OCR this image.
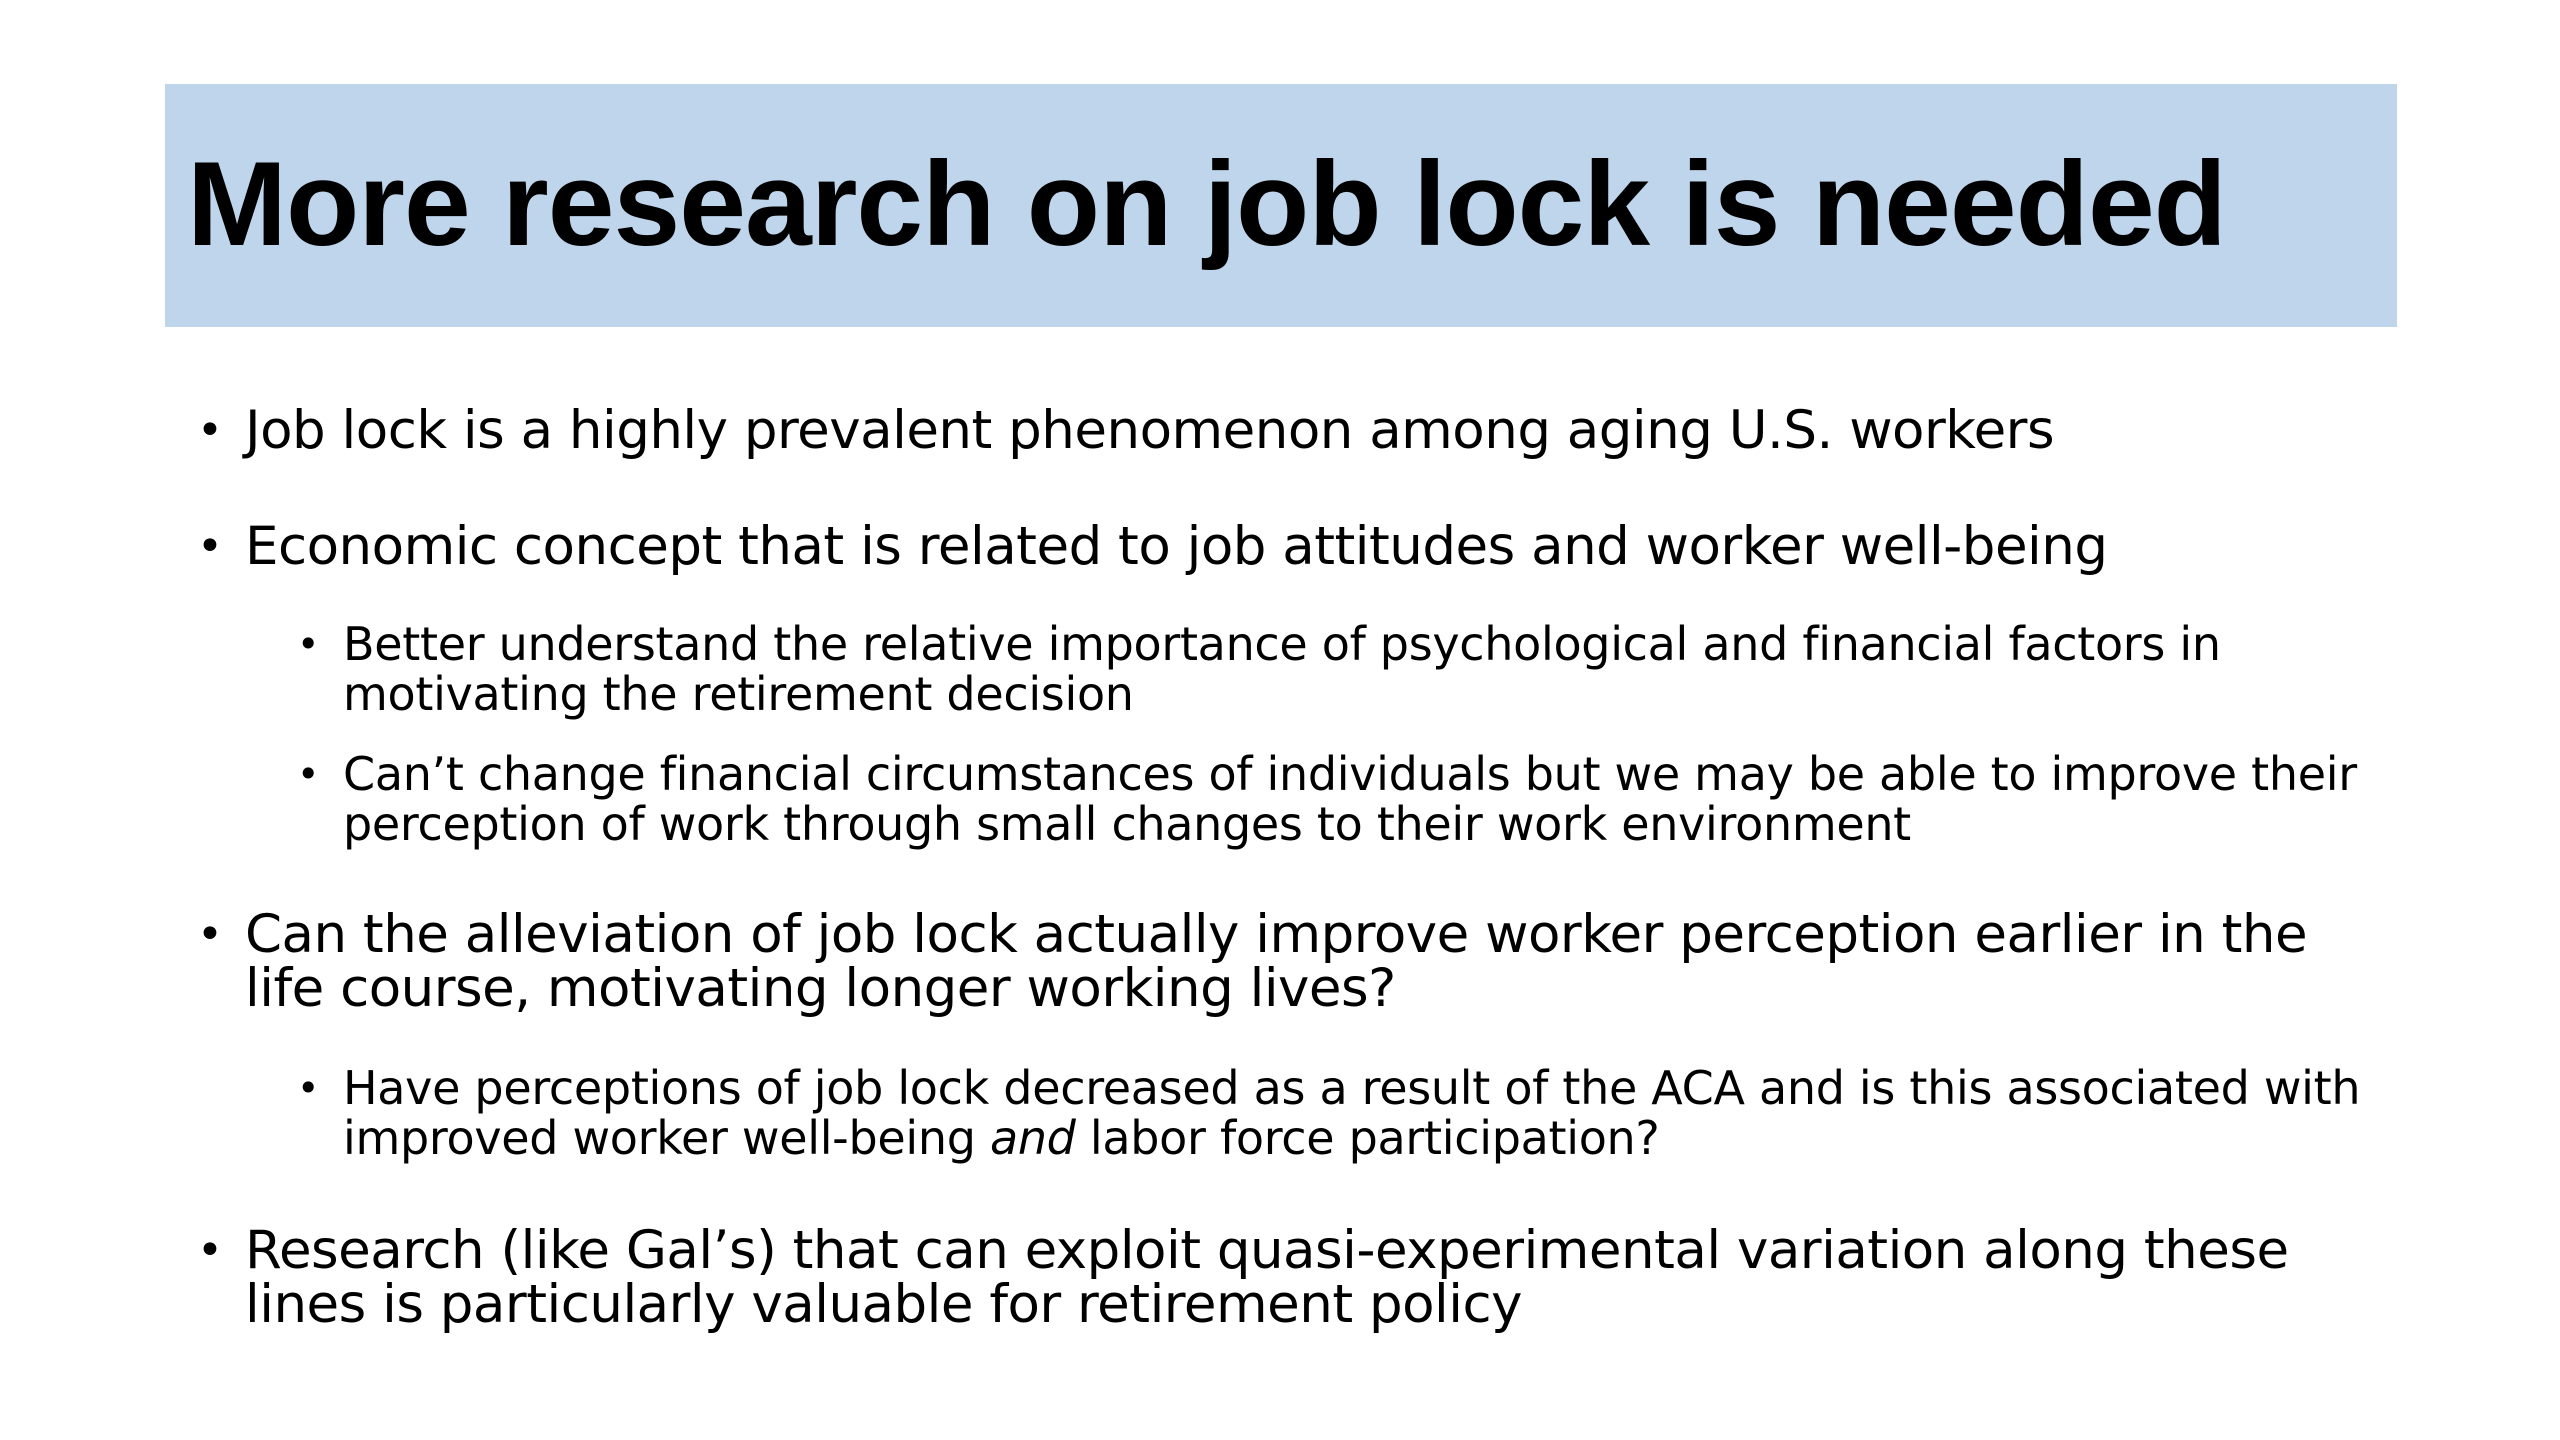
More research on job lock is needed
• Job lock is a highly prevalent phenomenon among aging U.S. workers
• Economic concept that is related to job attitudes and worker well-being
• Better understand the relative importance of psychological and financial factors in motivating the retirement decision
• Can’t change financial circumstances of individuals but we may be able to improve their perception of work through small changes to their work environment
• Can the alleviation of job lock actually improve worker perception earlier in the life course, motivating longer working lives?
• Have perceptions of job lock decreased as a result of the ACA and is this associated with improved worker well-being and labor force participation?
• Research (like Gal’s) that can exploit quasi-experimental variation along these lines is particularly valuable for retirement policy
